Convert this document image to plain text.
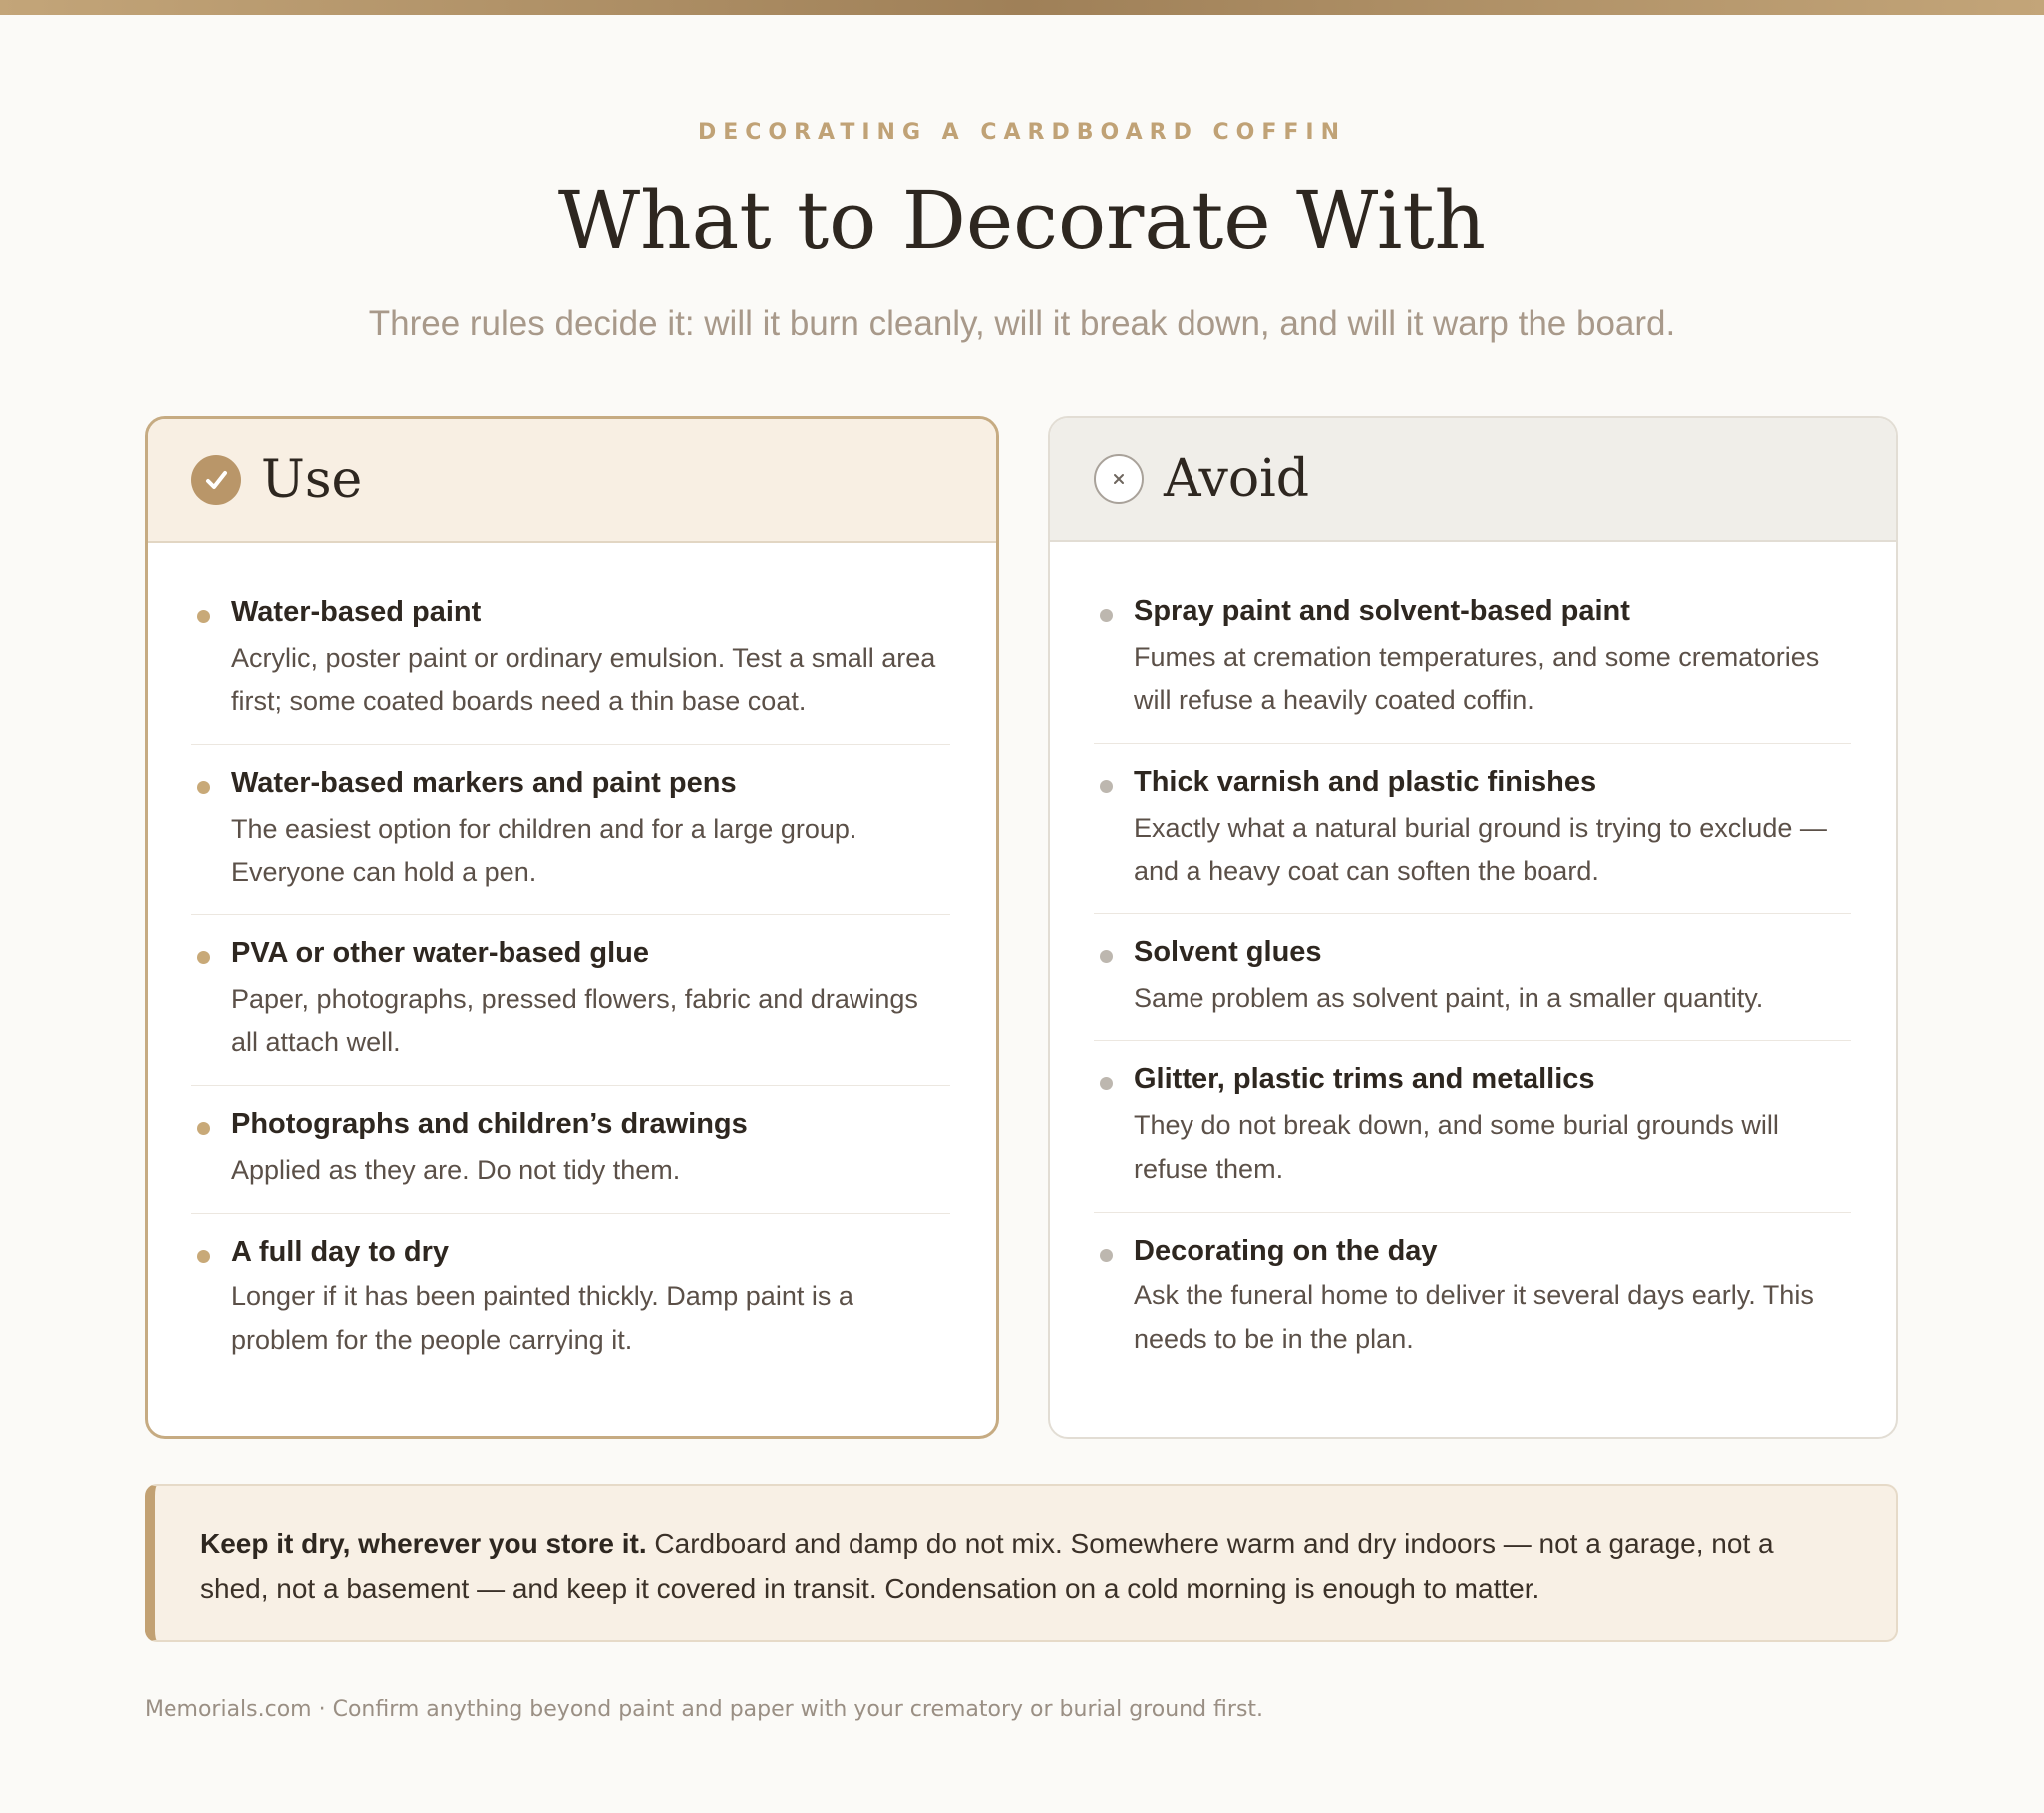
DECORATING A CARDBOARD COFFIN
What to Decorate With
Three rules decide it: will it burn cleanly, will it break down, and will it warp the board.
Use
Water-based paint
Acrylic, poster paint or ordinary emulsion. Test a small area first; some coated boards need a thin base coat.
Water-based markers and paint pens
The easiest option for children and for a large group. Everyone can hold a pen.
PVA or other water-based glue
Paper, photographs, pressed flowers, fabric and drawings all attach well.
Photographs and children’s drawings
Applied as they are. Do not tidy them.
A full day to dry
Longer if it has been painted thickly. Damp paint is a problem for the people carrying it.
Avoid
Spray paint and solvent-based paint
Fumes at cremation temperatures, and some crematories will refuse a heavily coated coffin.
Thick varnish and plastic finishes
Exactly what a natural burial ground is trying to exclude — and a heavy coat can soften the board.
Solvent glues
Same problem as solvent paint, in a smaller quantity.
Glitter, plastic trims and metallics
They do not break down, and some burial grounds will refuse them.
Decorating on the day
Ask the funeral home to deliver it several days early. This needs to be in the plan.
Keep it dry, wherever you store it. Cardboard and damp do not mix. Somewhere warm and dry indoors — not a garage, not a shed, not a basement — and keep it covered in transit. Condensation on a cold morning is enough to matter.
Memorials.com · Confirm anything beyond paint and paper with your crematory or burial ground first.
